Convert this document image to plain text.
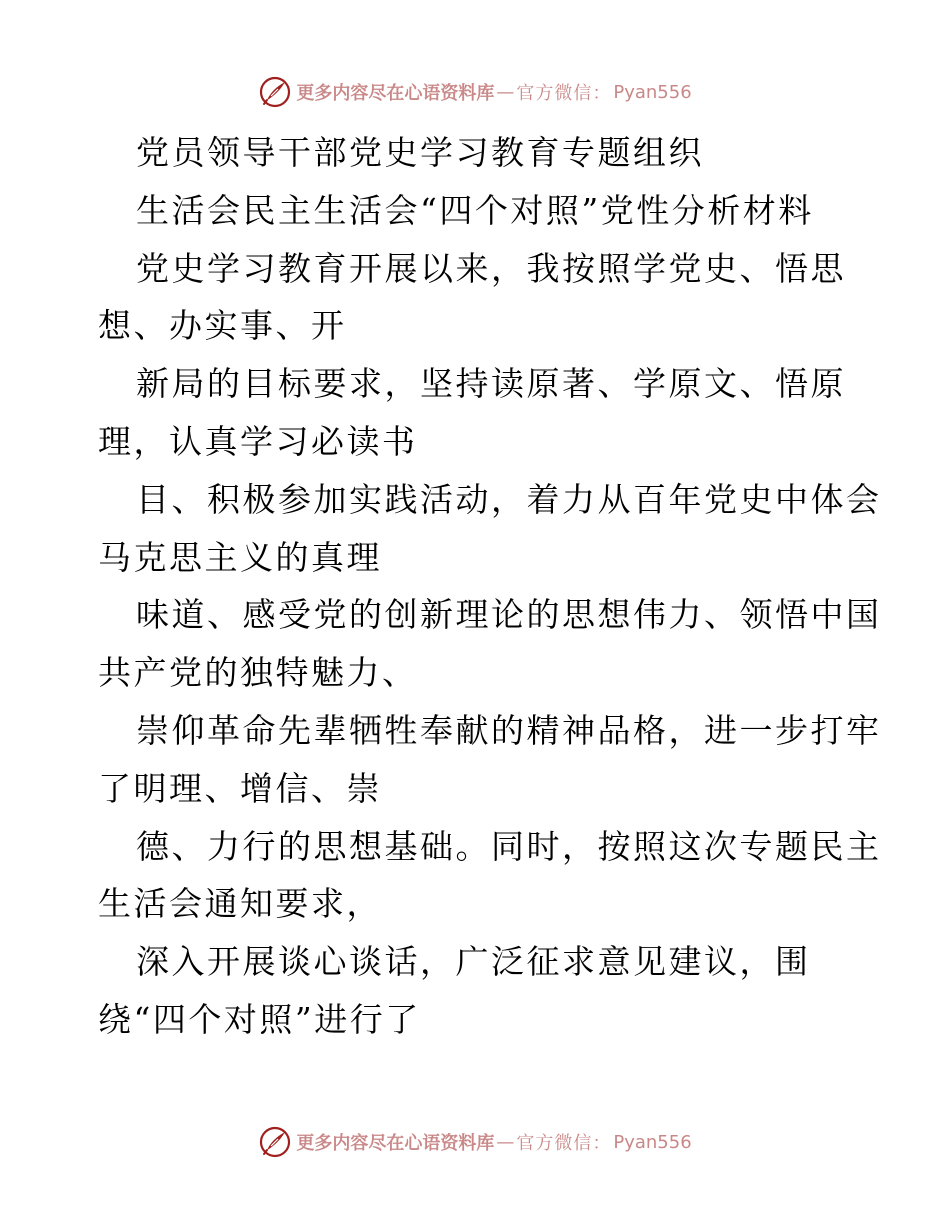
更多内容尽在心语资料库 — 官方微信： Pyan556
党员领导干部党史学习教育专题组织
生活会民主生活会“四个对照”党性分析材料
党史学习教育开展以来，我按照学党史、悟思
想、办实事、开
新局的目标要求，坚持读原著、学原文、悟原
理，认真学习必读书
目、积极参加实践活动，着力从百年党史中体会
马克思主义的真理
味道、感受党的创新理论的思想伟力、领悟中国
共产党的独特魅力、
崇仰革命先辈牺牲奉献的精神品格，进一步打牢
了明理、增信、崇
德、力行的思想基础。同时，按照这次专题民主
生活会通知要求，
深入开展谈心谈话，广泛征求意见建议，围
绕“四个对照”进行了
更多内容尽在心语资料库 — 官方微信： Pyan556
